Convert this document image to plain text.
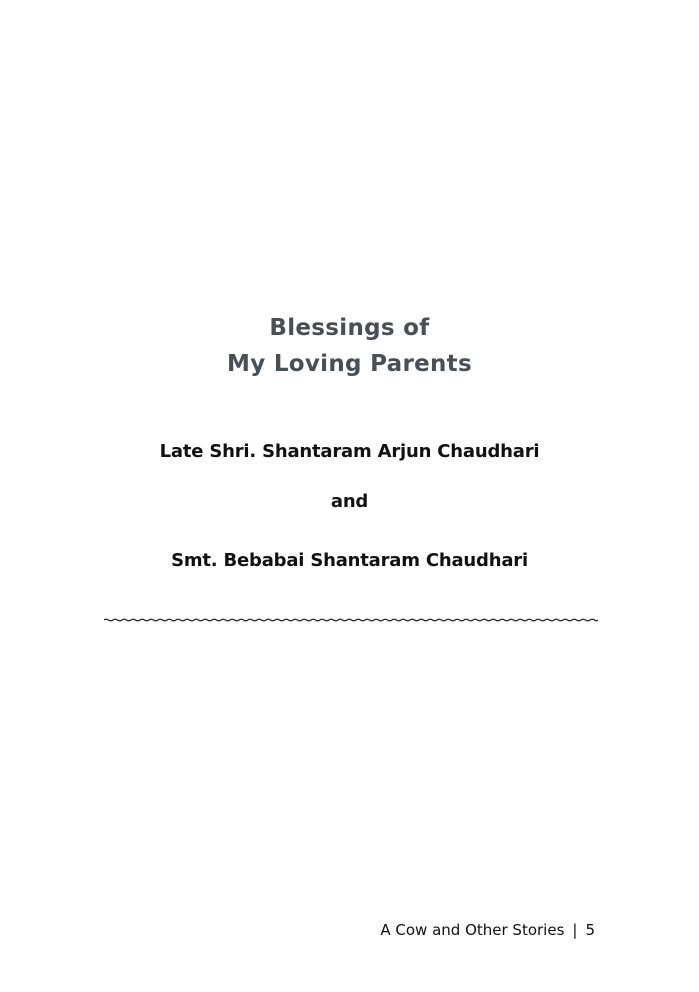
Blessings of
My Loving Parents
Late Shri. Shantaram Arjun Chaudhari
and
Smt. Bebabai Shantaram Chaudhari
A Cow and Other Stories | 5
